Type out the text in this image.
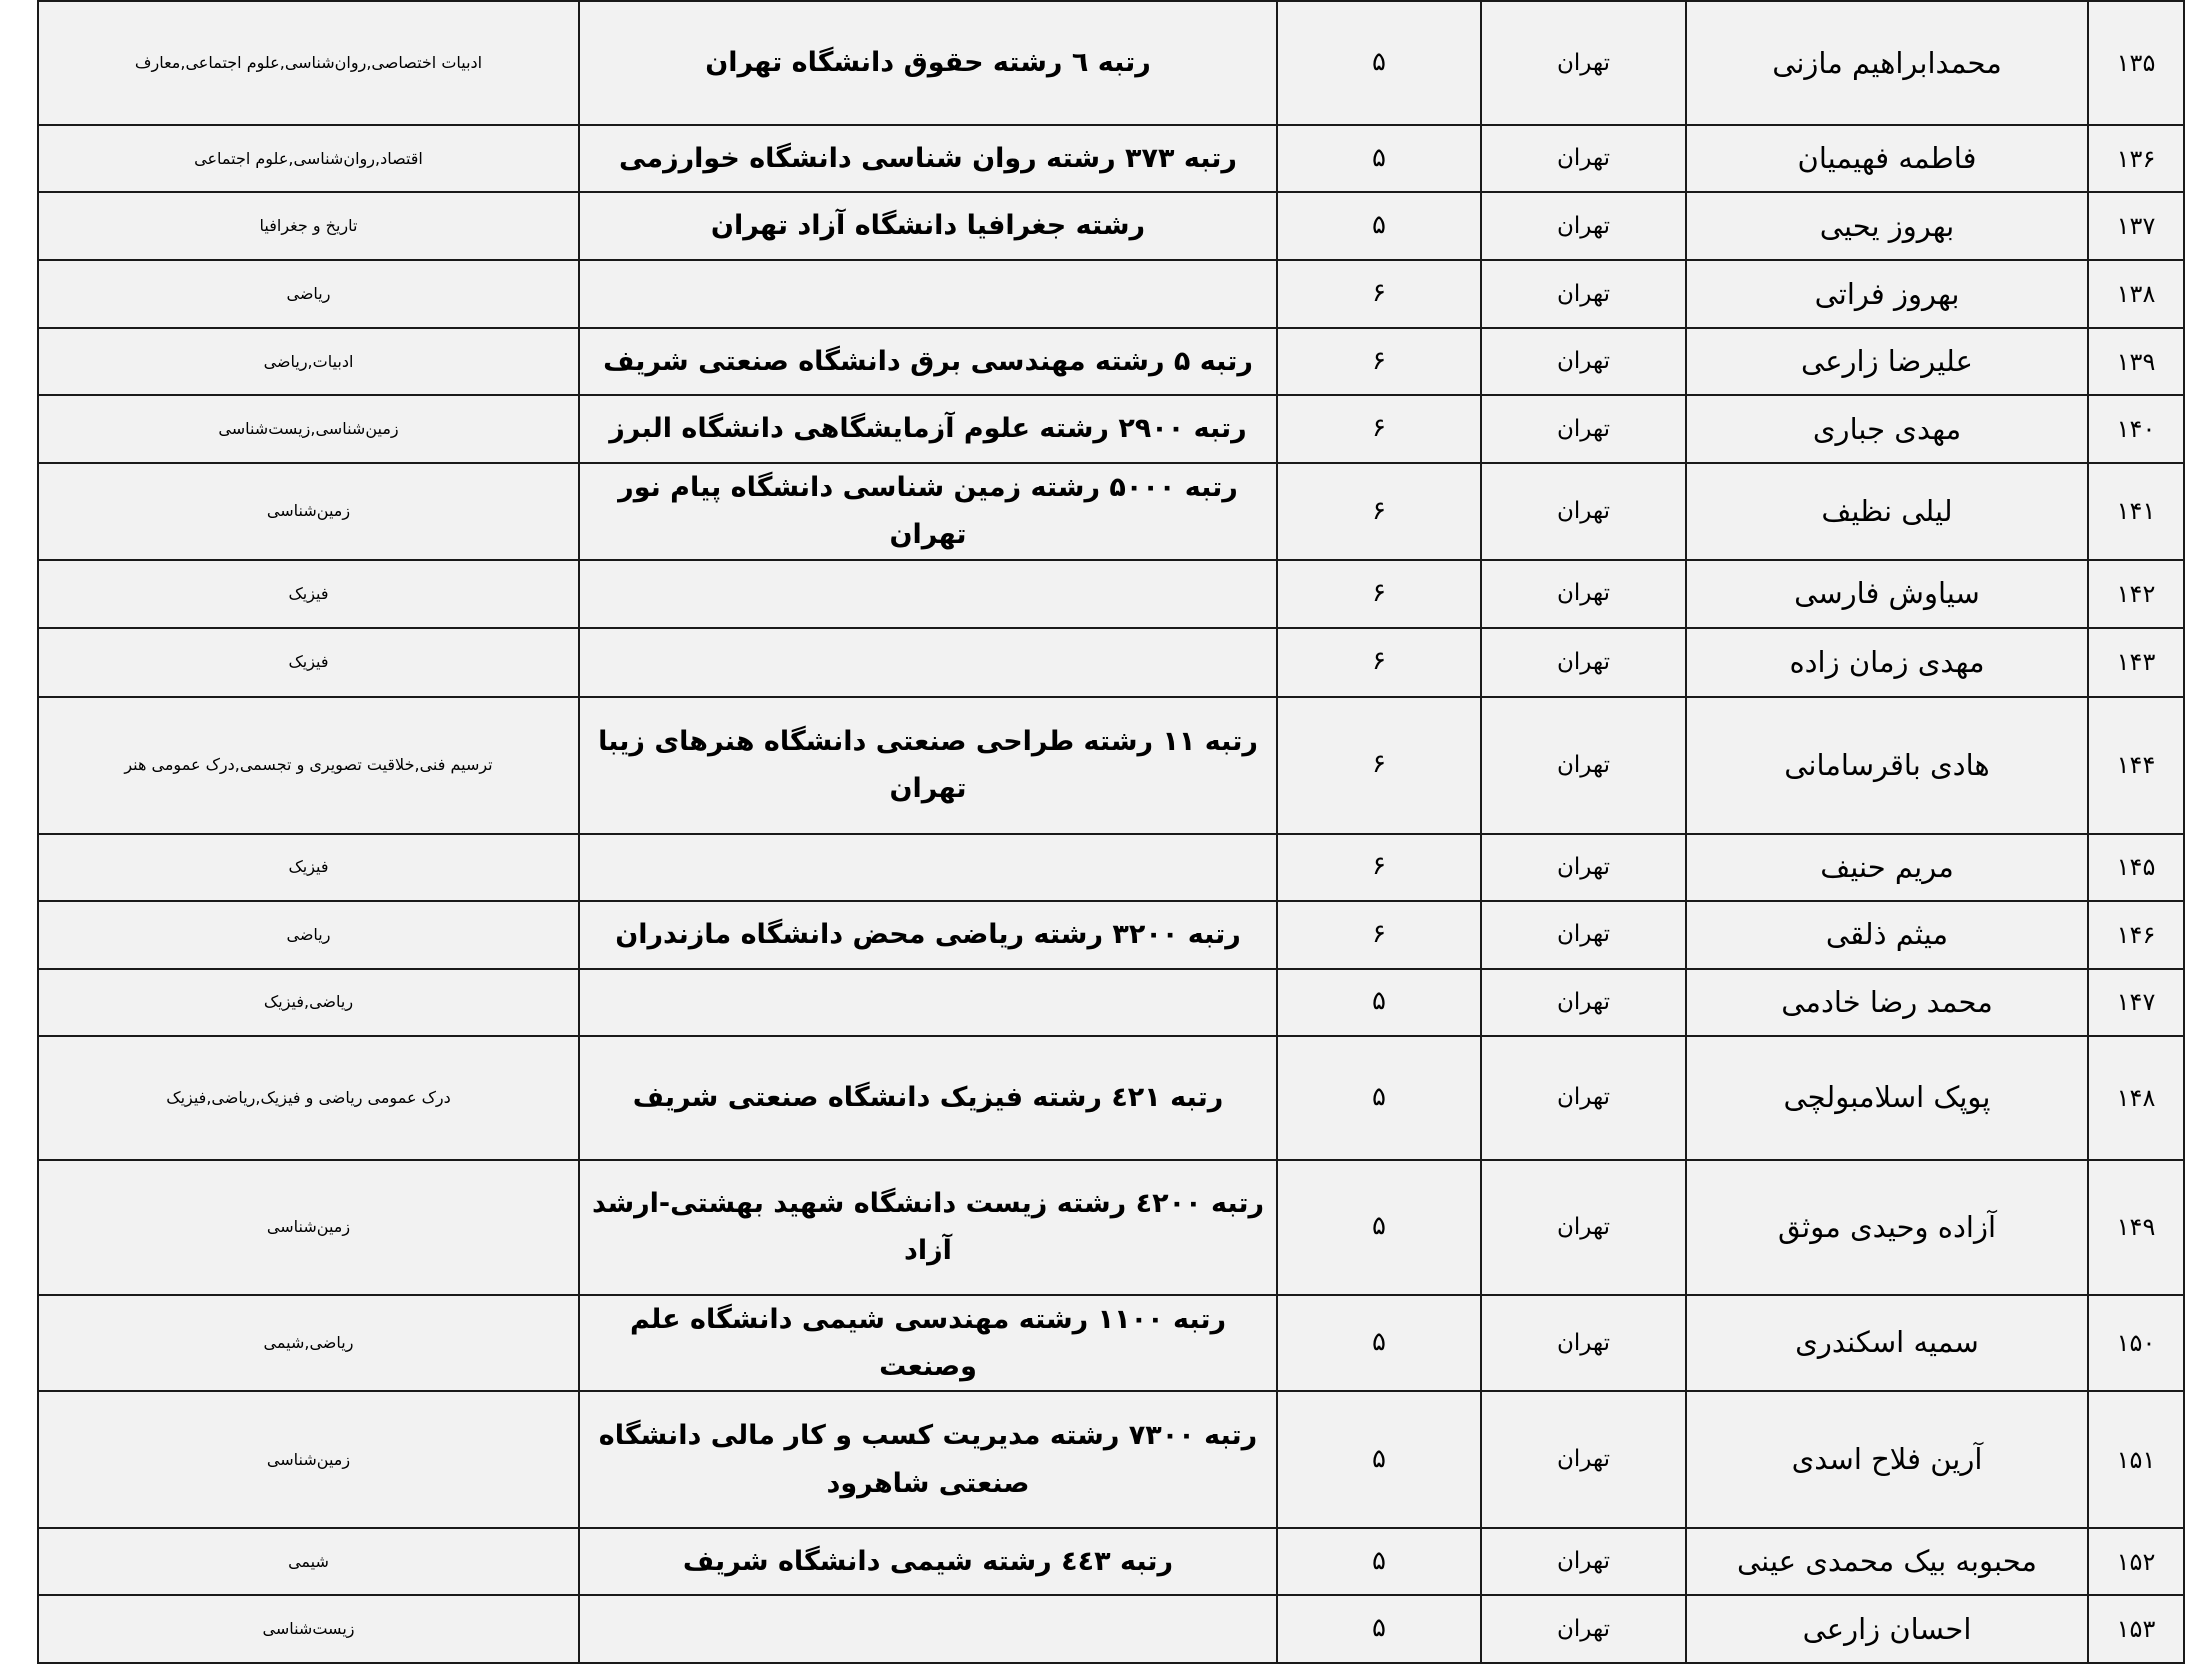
۱۳۵	محمدابراهیم مازنی	تهران	۵	رتبه ٦ رشته حقوق دانشگاه تهران	ادبیات اختصاصی,روان‌شناسی,علوم اجتماعی,معارف
۱۳۶	فاطمه فهیمیان	تهران	۵	رتبه ۳۷۳ رشته روان شناسی دانشگاه خوارزمی	اقتصاد,روان‌شناسی,علوم اجتماعی
۱۳۷	بهروز یحیی	تهران	۵	رشته جغرافیا دانشگاه آزاد تهران	تاریخ و جغرافیا
۱۳۸	بهروز فراتی	تهران	۶		ریاضی
۱۳۹	علیرضا زارعی	تهران	۶	رتبه ۵ رشته مهندسی برق دانشگاه صنعتی شریف	ادبیات,ریاضی
۱۴۰	مهدی جباری	تهران	۶	رتبه ۲۹۰۰ رشته علوم آزمایشگاهی دانشگاه البرز	زمین‌شناسی,زیست‌شناسی
۱۴۱	لیلی نظیف	تهران	۶	رتبه ۵۰۰۰ رشته زمین شناسی دانشگاه پیام نور تهران	زمین‌شناسی
۱۴۲	سیاوش فارسی	تهران	۶		فیزیک
۱۴۳	مهدی زمان زاده	تهران	۶		فیزیک
۱۴۴	هادی باقرسامانی	تهران	۶	رتبه ۱۱ رشته طراحی صنعتی دانشگاه هنرهای زیبا تهران	ترسیم فنی,خلاقیت تصویری و تجسمی,درک عمومی هنر
۱۴۵	مریم حنیف	تهران	۶		فیزیک
۱۴۶	میثم ذلقی	تهران	۶	رتبه ۳۲۰۰ رشته ریاضی محض دانشگاه مازندران	ریاضی
۱۴۷	محمد رضا خادمی	تهران	۵		ریاضی,فیزیک
۱۴۸	پوپک اسلامبولچی	تهران	۵	رتبه ٤۲۱ رشته فیزیک دانشگاه صنعتی شریف	درک عمومی ریاضی و فیزیک,ریاضی,فیزیک
۱۴۹	آزاده وحیدی موثق	تهران	۵	رتبه ٤۲۰۰ رشته زیست دانشگاه شهید بهشتی-ارشد آزاد	زمین‌شناسی
۱۵۰	سمیه اسکندری	تهران	۵	رتبه ۱۱۰۰ رشته مهندسی شیمی دانشگاه علم وصنعت	ریاضی,شیمی
۱۵۱	آرین فلاح اسدی	تهران	۵	رتبه ۷۳۰۰ رشته مدیریت کسب و کار مالی دانشگاه صنعتی شاهرود	زمین‌شناسی
۱۵۲	محبوبه بیک محمدی عینی	تهران	۵	رتبه ٤٤۳ رشته شیمی دانشگاه شریف	شیمی
۱۵۳	احسان زارعی	تهران	۵		زیست‌شناسی
